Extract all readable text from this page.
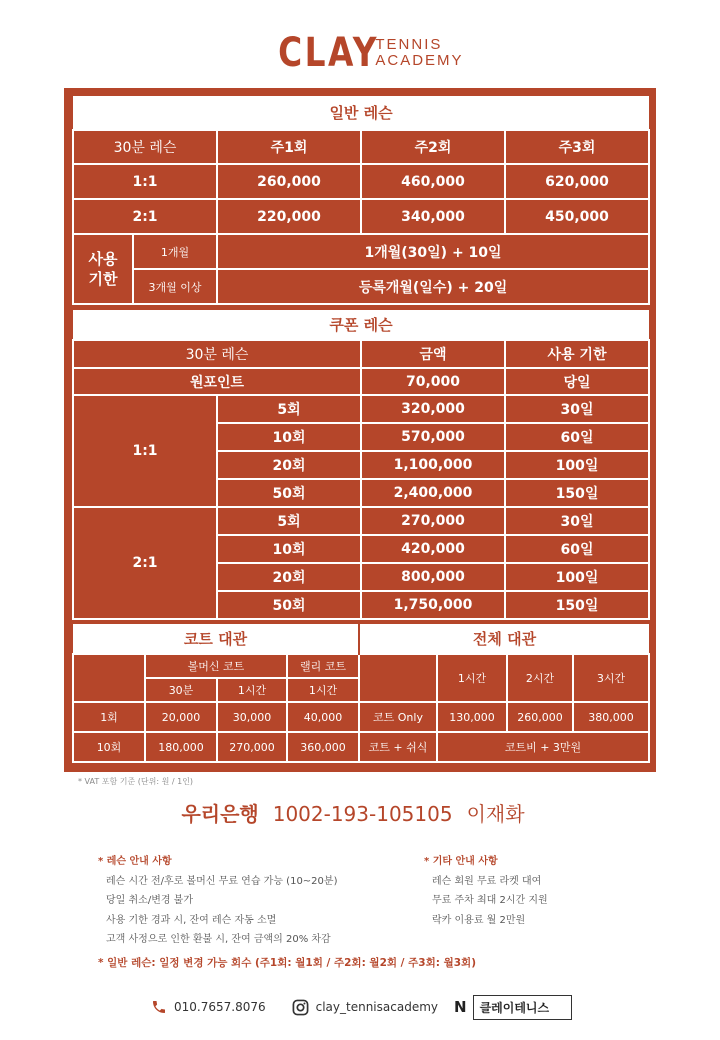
CLAY
TENNIS
ACADEMY
일반 레슨				
30분 레슨		주1회	주2회	주3회
1:1		260,000	460,000	620,000
2:1		220,000	340,000	450,000

사용
기한	1개월	1개월(30일) + 10일		
	3개월 이상	등록개월(일수) + 20일		
쿠폰 레슨			
30분 레슨		금액	사용 기한
원포인트		70,000	당일
1:1	5회	320,000	30일
	10회	570,000	60일
	20회	1,100,000	100일
	50회	2,400,000	150일
2:1	5회	270,000	30일
	10회	420,000	60일
	20회	800,000	100일
	50회	1,750,000	150일
코트 대관				전체 대관			
	볼머신 코트		랠리 코트		1시간	2시간	3시간
	30분	1시간	1시간				
1회	20,000	30,000	40,000	코트 Only	130,000	260,000	380,000
10회	180,000	270,000	360,000	코트 + 쉬식	코트비 + 3만원		
* VAT 포함 기준 (단위: 원 / 1인)
우리은행 1002-193-105105 이재화
* 레슨 안내 사항
레슨 시간 전/후로 볼머신 무료 연습 가능 (10~20분)
당일 취소/변경 불가
사용 기한 경과 시, 잔여 레슨 자동 소멸
고객 사정으로 인한 환불 시, 잔여 금액의 20% 차감
* 기타 안내 사항
레슨 회원 무료 라켓 대여
무료 주차 최대 2시간 지원
락카 이용료 월 2만원
* 일반 레슨: 일정 변경 가능 회수 (주1회: 월1회 / 주2회: 월2회 / 주3회: 월3회)
010.7657.8076	clay_tennisacademy N	클레이테니스
